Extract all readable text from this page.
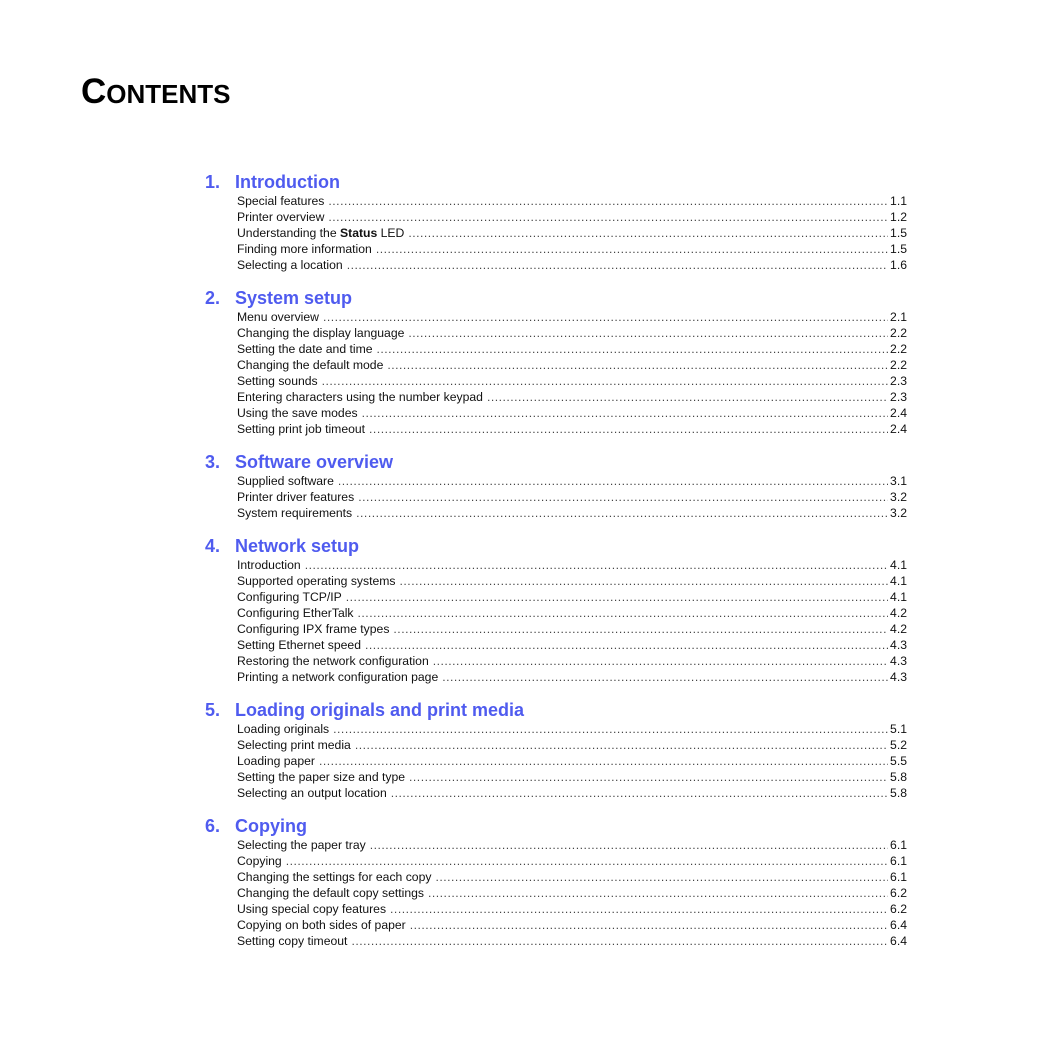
CONTENTS
1. Introduction
Special features .....	1.1
Printer overview .....	1.2
Understanding the Status LED .....	1.5
Finding more information .....	1.5
Selecting a location .....	1.6
2. System setup
Menu overview .....	2.1
Changing the display language .....	2.2
Setting the date and time .....	2.2
Changing the default mode .....	2.2
Setting sounds .....	2.3
Entering characters using the number keypad .....	2.3
Using the save modes .....	2.4
Setting print job timeout .....	2.4
3. Software overview
Supplied software .....	3.1
Printer driver features .....	3.2
System requirements .....	3.2
4. Network setup
Introduction .....	4.1
Supported operating systems .....	4.1
Configuring TCP/IP .....	4.1
Configuring EtherTalk .....	4.2
Configuring IPX frame types .....	4.2
Setting Ethernet speed .....	4.3
Restoring the network configuration .....	4.3
Printing a network configuration page .....	4.3
5. Loading originals and print media
Loading originals .....	5.1
Selecting print media .....	5.2
Loading paper .....	5.5
Setting the paper size and type .....	5.8
Selecting an output location .....	5.8
6. Copying
Selecting the paper tray .....	6.1
Copying .....	6.1
Changing the settings for each copy .....	6.1
Changing the default copy settings .....	6.2
Using special copy features .....	6.2
Copying on both sides of paper .....	6.4
Setting copy timeout .....	6.4
